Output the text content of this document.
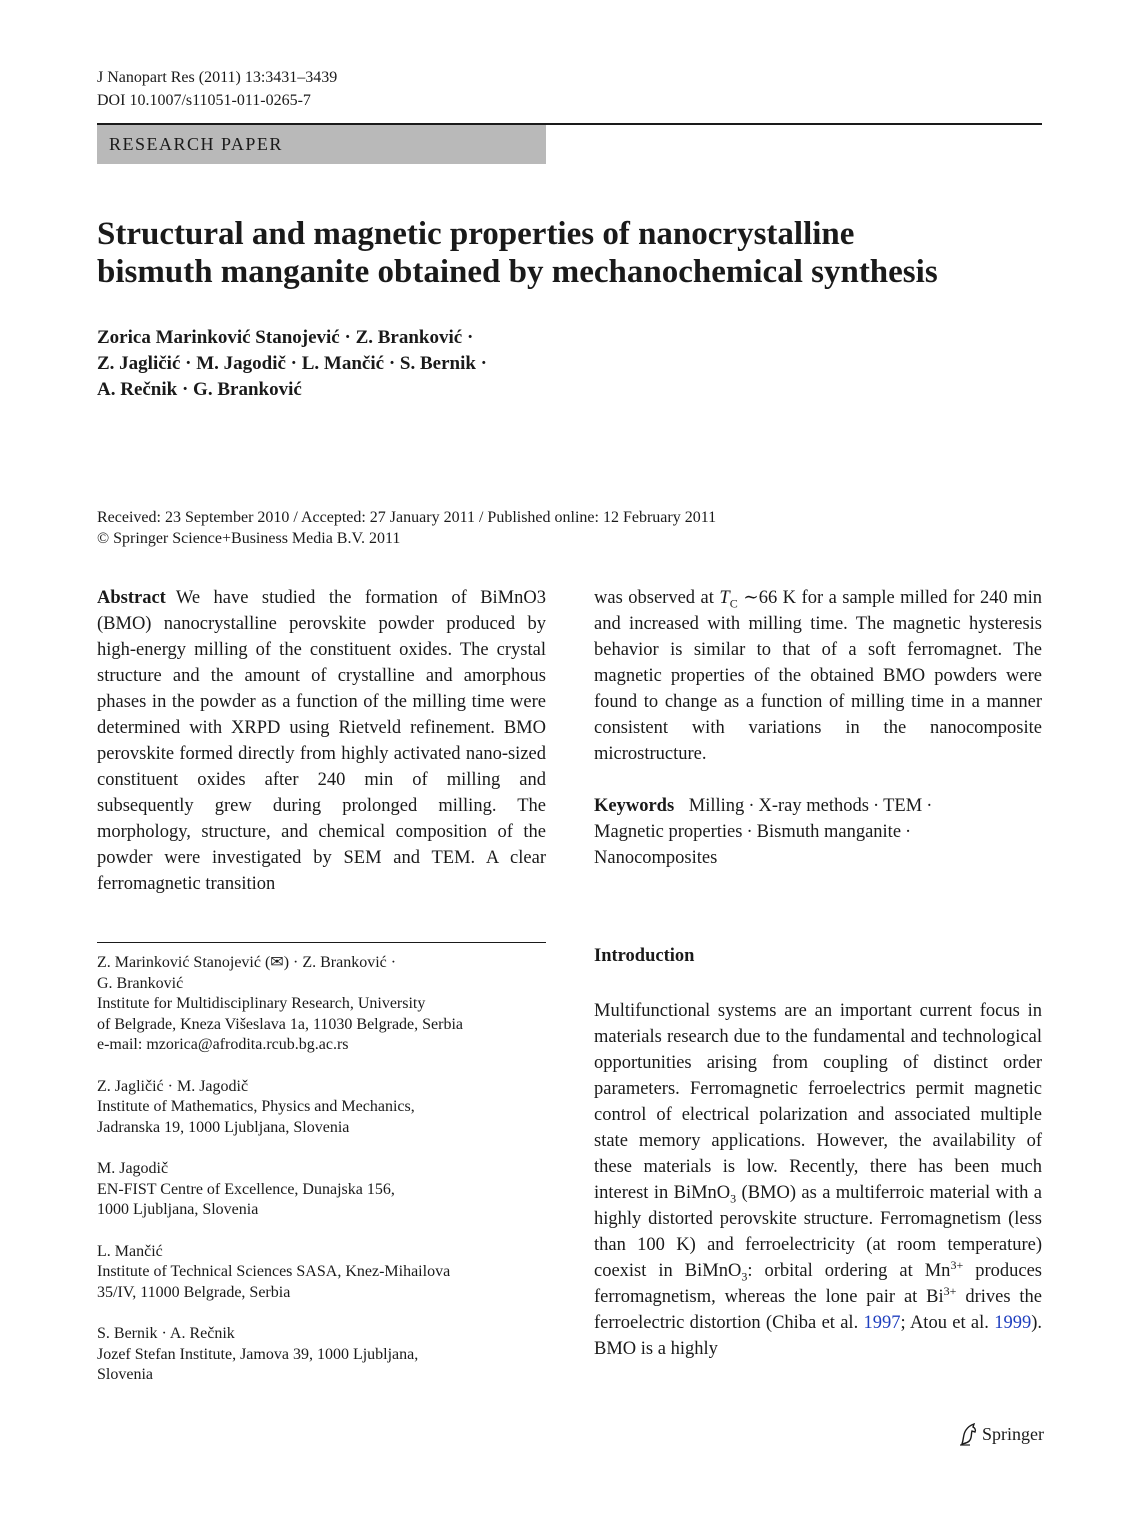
J Nanopart Res (2011) 13:3431–3439
DOI 10.1007/s11051-011-0265-7
RESEARCH PAPER
Structural and magnetic properties of nanocrystalline
bismuth manganite obtained by mechanochemical synthesis
Zorica Marinković Stanojević · Z. Branković ·
Z. Jagličić · M. Jagodič · L. Mančić · S. Bernik ·
A. Rečnik · G. Branković
Received: 23 September 2010 / Accepted: 27 January 2011 / Published online: 12 February 2011
© Springer Science+Business Media B.V. 2011
Abstract We have studied the formation of BiMnO3 (BMO) nanocrystalline perovskite powder produced by high-energy milling of the constituent oxides. The crystal structure and the amount of crystalline and amorphous phases in the powder as a function of the milling time were determined with XRPD using Rietveld refinement. BMO perovskite formed directly from highly activated nano-sized constituent oxides after 240 min of milling and subsequently grew during prolonged milling. The morphology, structure, and chemical composition of the powder were investigated by SEM and TEM. A clear ferromagnetic transition
was observed at $T_C$ ∼66 K for a sample milled for 240 min and increased with milling time. The magnetic hysteresis behavior is similar to that of a soft ferromagnet. The magnetic properties of the obtained BMO powders were found to change as a function of milling time in a manner consistent with variations in the nanocomposite microstructure.
Keywords Milling · X-ray methods · TEM ·
Magnetic properties · Bismuth manganite ·
Nanocomposites
Z. Marinković Stanojević (✉) · Z. Branković ·
G. Branković
Institute for Multidisciplinary Research, University
of Belgrade, Kneza Višeslava 1a, 11030 Belgrade, Serbia
e-mail: mzorica@afrodita.rcub.bg.ac.rs
Z. Jagličić · M. Jagodič
Institute of Mathematics, Physics and Mechanics,
Jadranska 19, 1000 Ljubljana, Slovenia
M. Jagodič
EN-FIST Centre of Excellence, Dunajska 156,
1000 Ljubljana, Slovenia
L. Mančić
Institute of Technical Sciences SASA, Knez-Mihailova
35/IV, 11000 Belgrade, Serbia
S. Bernik · A. Rečnik
Jozef Stefan Institute, Jamova 39, 1000 Ljubljana,
Slovenia
Introduction
Multifunctional systems are an important current focus in materials research due to the fundamental and technological opportunities arising from coupling of distinct order parameters. Ferromagnetic ferroelectrics permit magnetic control of electrical polarization and associated multiple state memory applications. However, the availability of these materials is low. Recently, there has been much interest in BiMnO$_3$ (BMO) as a multiferroic material with a highly distorted perovskite structure. Ferromagnetism (less than 100 K) and ferroelectricity (at room temperature) coexist in BiMnO$_3$: orbital ordering at $Mn^{3+}$ produces ferromagnetism, whereas the lone pair at $Bi^{3+}$ drives the ferroelectric distortion (Chiba et al. 1997; Atou et al. 1999). BMO is a highly
Springer
